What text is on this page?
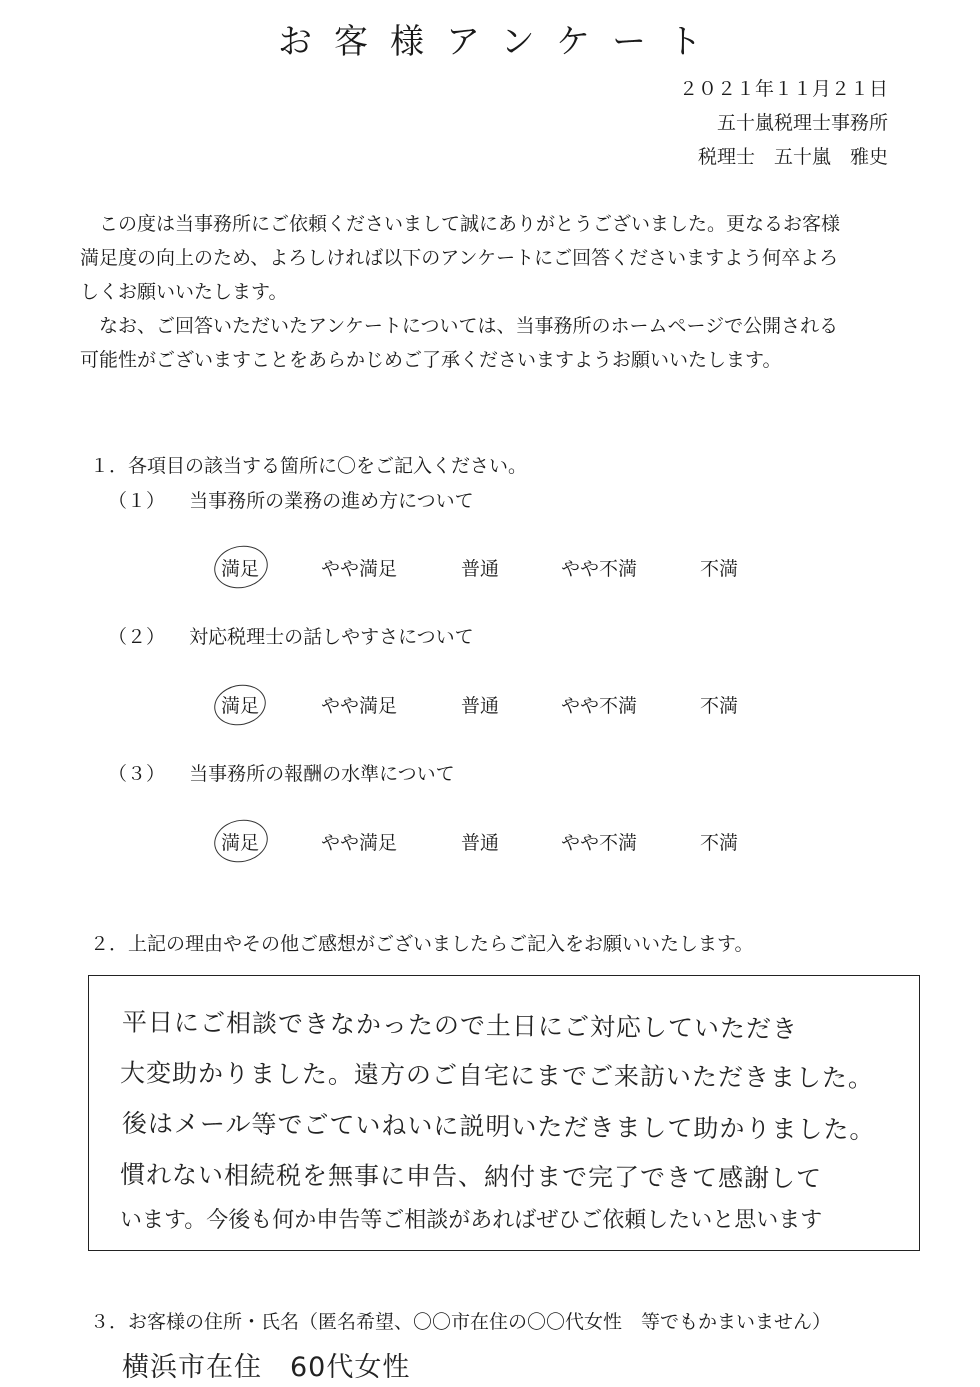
お客様アンケート
２０２１年１１月２１日
五十嵐税理士事務所
税理士　五十嵐　雅史
この度は当事務所にご依頼くださいまして誠にありがとうございました。更なるお客様
満足度の向上のため、よろしければ以下のアンケートにご回答くださいますよう何卒よろ
しくお願いいたします。
なお、ご回答いただいたアンケートについては、当事務所のホームページで公開される
可能性がございますことをあらかじめご了承くださいますようお願いいたします。
１．各項目の該当する箇所に〇をご記入ください。
（１） 当事務所の業務の進め方について
満足	やや満足	普通	やや不満	不満
（２） 対応税理士の話しやすさについて
満足	やや満足	普通	やや不満	不満
（３） 当事務所の報酬の水準について
満足	やや満足	普通	やや不満	不満
２．上記の理由やその他ご感想がございましたらご記入をお願いいたします。
平日にご相談できなかったので土日にご対応していただき
大変助かりました。遠方のご自宅にまでご来訪いただきました。
後はメール等でごていねいに説明いただきまして助かりました。
慣れない相続税を無事に申告、納付まで完了できて感謝して
います。今後も何か申告等ご相談があればぜひご依頼したいと思います
３．お客様の住所・氏名（匿名希望、〇〇市在住の〇〇代女性　等でもかまいません）
横浜市在住　60代女性
